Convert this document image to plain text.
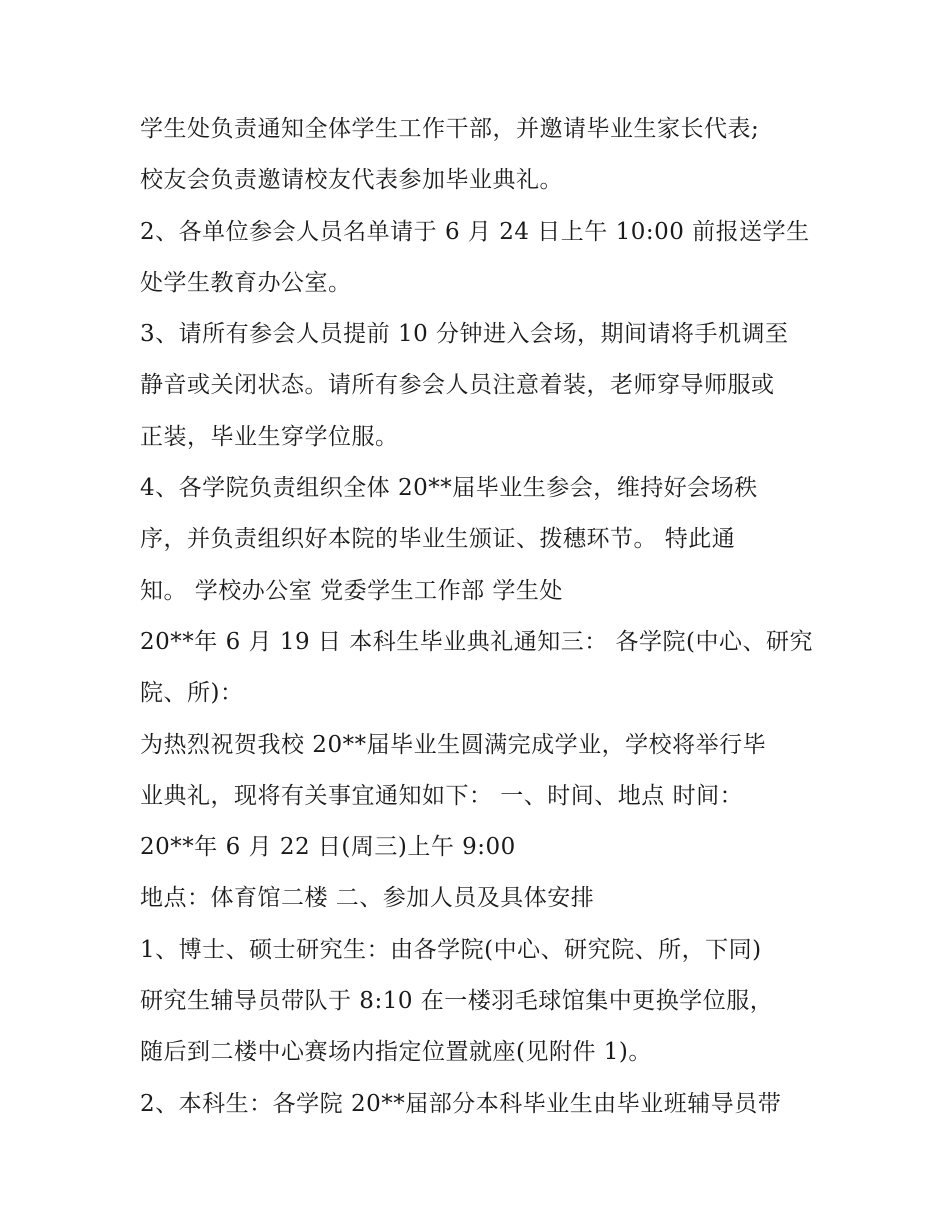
学生处负责通知全体学生工作干部，并邀请毕业生家长代表;
校友会负责邀请校友代表参加毕业典礼。
2、各单位参会人员名单请于 6 月 24 日上午 10:00 前报送学生
处学生教育办公室。
3、请所有参会人员提前 10 分钟进入会场，期间请将手机调至
静音或关闭状态。请所有参会人员注意着装，老师穿导师服或
正装，毕业生穿学位服。
4、各学院负责组织全体 20**届毕业生参会，维持好会场秩
序，并负责组织好本院的毕业生颁证、拨穗环节。 特此通
知。 学校办公室 党委学生工作部 学生处
20**年 6 月 19 日 本科生毕业典礼通知三： 各学院(中心、研究
院、所)：
为热烈祝贺我校 20**届毕业生圆满完成学业，学校将举行毕
业典礼，现将有关事宜通知如下： 一、时间、地点 时间：
20**年 6 月 22 日(周三)上午 9:00
地点：体育馆二楼 二、参加人员及具体安排
1、博士、硕士研究生：由各学院(中心、研究院、所，下同)
研究生辅导员带队于 8:10 在一楼羽毛球馆集中更换学位服，
随后到二楼中心赛场内指定位置就座(见附件 1)。
2、本科生：各学院 20**届部分本科毕业生由毕业班辅导员带
